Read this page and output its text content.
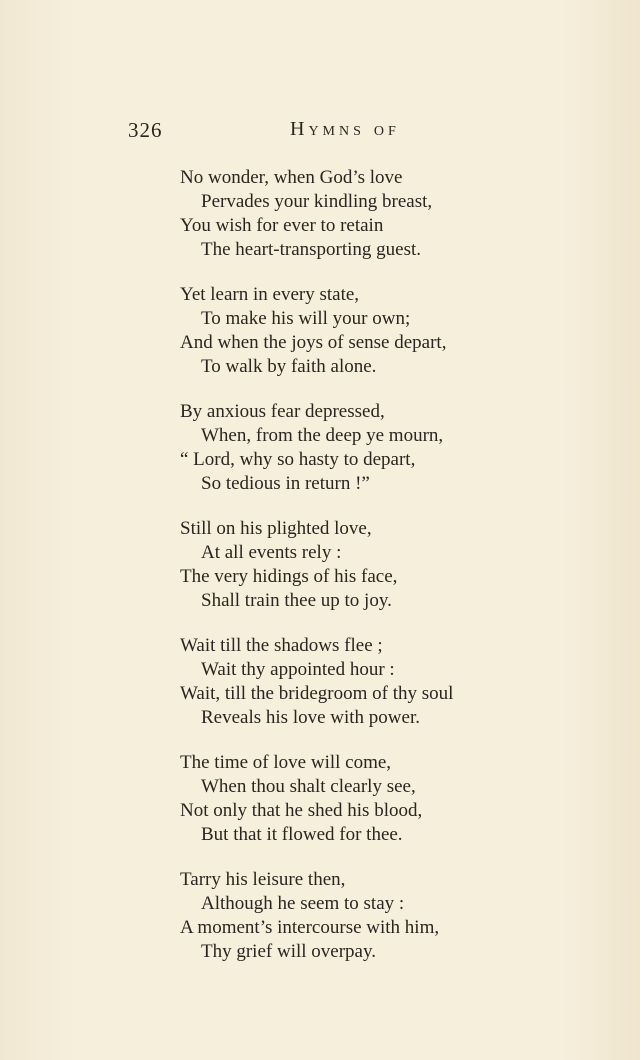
326	Hymns of
No wonder, when God’s love
Pervades your kindling breast,
You wish for ever to retain
The heart-transporting guest.
Yet learn in every state,
To make his will your own;
And when the joys of sense depart,
To walk by faith alone.
By anxious fear depressed,
When, from the deep ye mourn,
“ Lord, why so hasty to depart,
So tedious in return !”
Still on his plighted love,
At all events rely :
The very hidings of his face,
Shall train thee up to joy.
Wait till the shadows flee ;
Wait thy appointed hour :
Wait, till the bridegroom of thy soul
Reveals his love with power.
The time of love will come,
When thou shalt clearly see,
Not only that he shed his blood,
But that it flowed for thee.
Tarry his leisure then,
Although he seem to stay :
A moment’s intercourse with him,
Thy grief will overpay.
